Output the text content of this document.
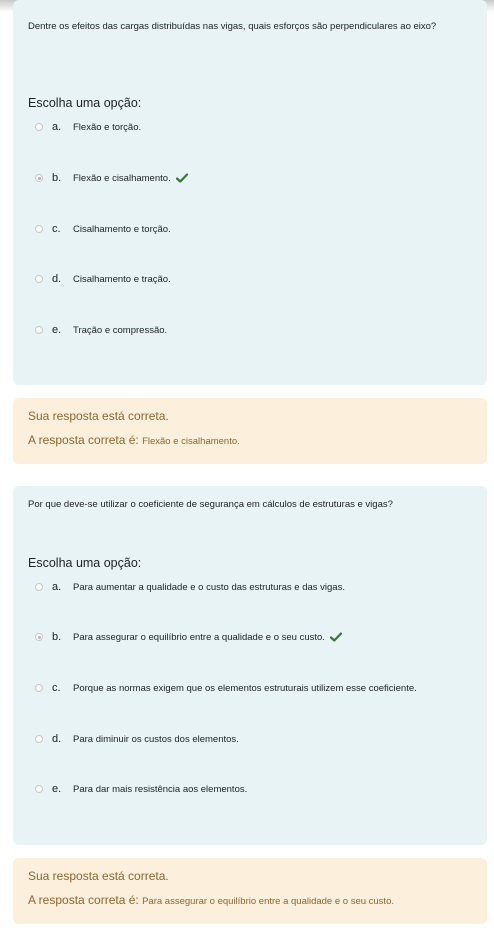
Dentre os efeitos das cargas distribuídas nas vigas, quais esforços são perpendiculares ao eixo?
Escolha uma opção:
a.	Flexão e torção.
b.	Flexão e cisalhamento.
c.	Cisalhamento e torção.
d.	Cisalhamento e tração.
e.	Tração e compressão.
Sua resposta está correta.
A resposta correta é: Flexão e cisalhamento.
Por que deve-se utilizar o coeficiente de segurança em cálculos de estruturas e vigas?
Escolha uma opção:
a.	Para aumentar a qualidade e o custo das estruturas e das vigas.
b.	Para assegurar o equilíbrio entre a qualidade e o seu custo.
c.	Porque as normas exigem que os elementos estruturais utilizem esse coeficiente.
d.	Para diminuir os custos dos elementos.
e.	Para dar mais resistência aos elementos.
Sua resposta está correta.
A resposta correta é: Para assegurar o equilíbrio entre a qualidade e o seu custo.
